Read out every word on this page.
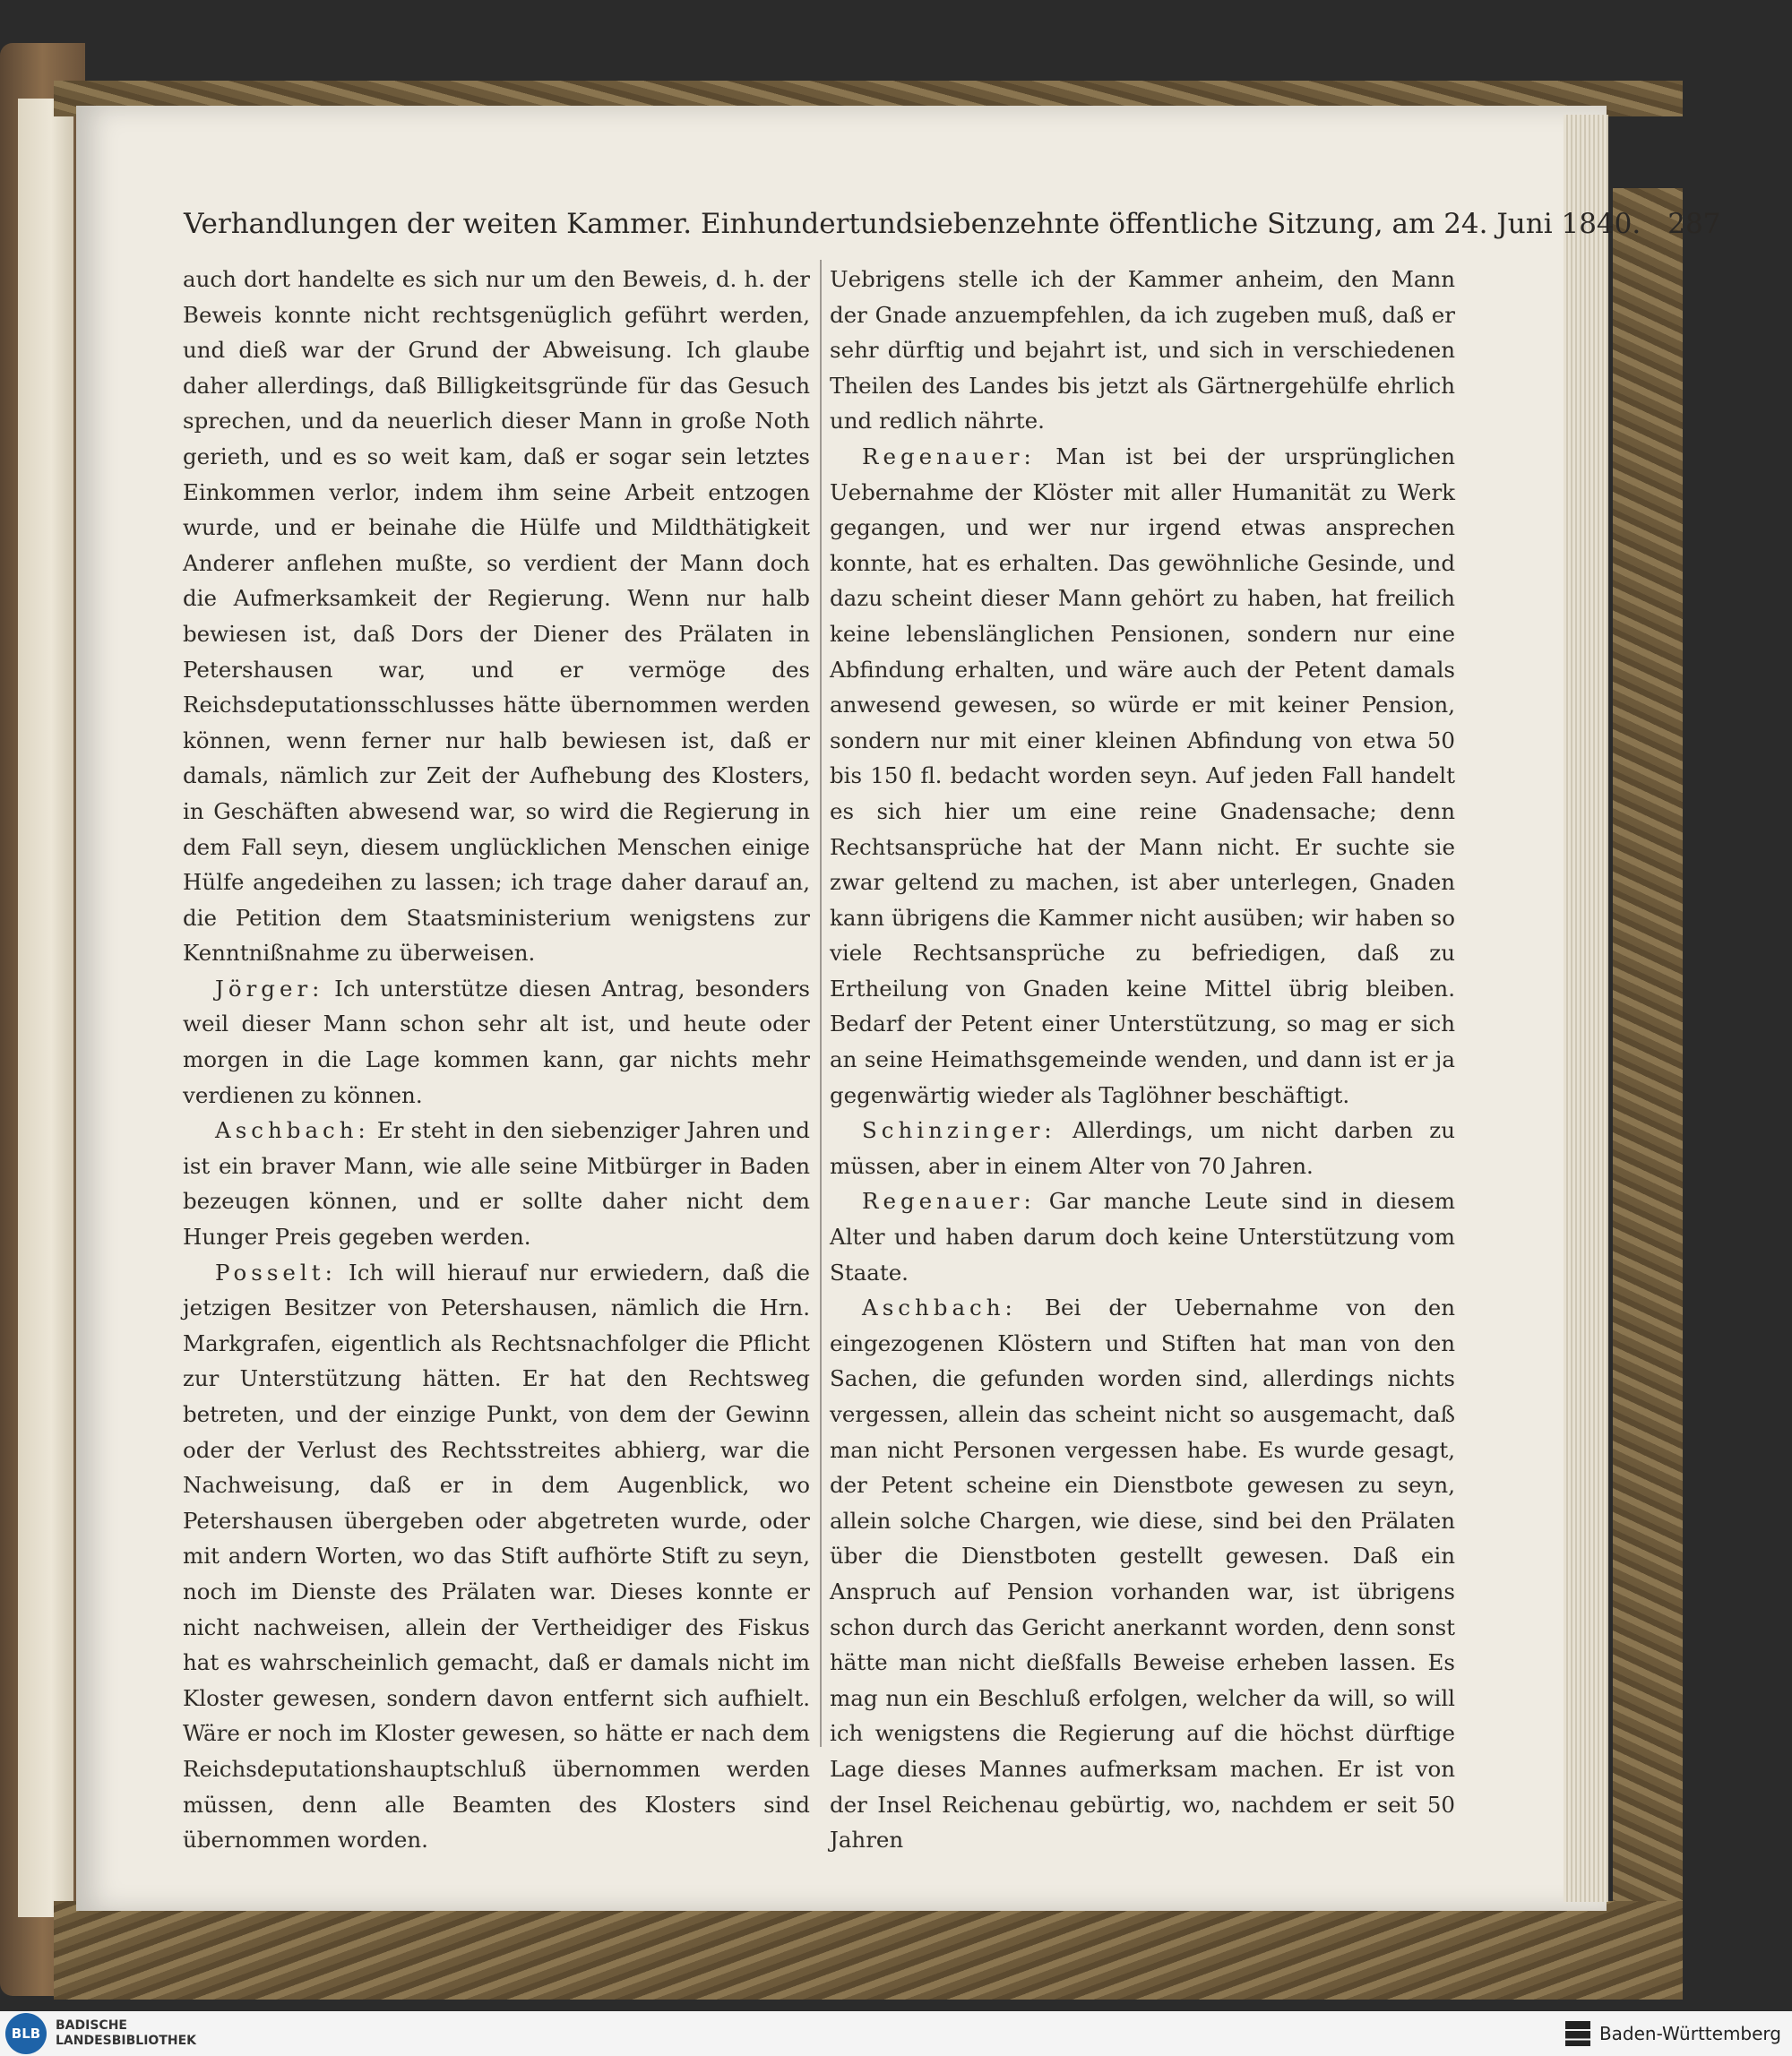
Verhandlungen der weiten Kammer. Einhundertundsiebenzehnte öffentliche Sitzung, am 24. Juni 1840. 287

auch dort handelte es sich nur um den Beweis, d. h. der Beweis konnte nicht rechtsgenüglich geführt werden, und dieß war der Grund der Abweisung. Ich glaube daher allerdings, daß Billigkeitsgründe für das Gesuch sprechen, und da neuerlich dieser Mann in große Noth gerieth, und es so weit kam, daß er sogar sein letztes Einkommen verlor, indem ihm seine Arbeit entzogen wurde, und er beinahe die Hülfe und Mildthätigkeit Anderer anflehen mußte, so verdient der Mann doch die Aufmerksamkeit der Regierung. Wenn nur halb bewiesen ist, daß Dors der Diener des Prälaten in Petershausen war, und er vermöge des Reichsdeputationsschlusses hätte übernommen werden können, wenn ferner nur halb bewiesen ist, daß er damals, nämlich zur Zeit der Aufhebung des Klosters, in Geschäften abwesend war, so wird die Regierung in dem Fall seyn, diesem unglücklichen Menschen einige Hülfe angedeihen zu lassen; ich trage daher darauf an, die Petition dem Staatsministerium wenigstens zur Kenntnißnahme zu überweisen.

Jörger: Ich unterstütze diesen Antrag, besonders weil dieser Mann schon sehr alt ist, und heute oder morgen in die Lage kommen kann, gar nichts mehr verdienen zu können.

Aschbach: Er steht in den siebenziger Jahren und ist ein braver Mann, wie alle seine Mitbürger in Baden bezeugen können, und er sollte daher nicht dem Hunger Preis gegeben werden.

Posselt: Ich will hierauf nur erwiedern, daß die jetzigen Besitzer von Petershausen, nämlich die Hrn. Markgrafen, eigentlich als Rechtsnachfolger die Pflicht zur Unterstützung hätten. Er hat den Rechtsweg betreten, und der einzige Punkt, von dem der Gewinn oder der Verlust des Rechtsstreites abhierg, war die Nachweisung, daß er in dem Augenblick, wo Petershausen übergeben oder abgetreten wurde, oder mit andern Worten, wo das Stift aufhörte Stift zu seyn, noch im Dienste des Prälaten war. Dieses konnte er nicht nachweisen, allein der Vertheidiger des Fiskus hat es wahrscheinlich gemacht, daß er damals nicht im Kloster gewesen, sondern davon entfernt sich aufhielt. Wäre er noch im Kloster gewesen, so hätte er nach dem Reichsdeputationshauptschluß übernommen werden müssen, denn alle Beamten des Klosters sind übernommen worden.

Uebrigens stelle ich der Kammer anheim, den Mann der Gnade anzuempfehlen, da ich zugeben muß, daß er sehr dürftig und bejahrt ist, und sich in verschiedenen Theilen des Landes bis jetzt als Gärtnergehülfe ehrlich und redlich nährte.

Regenauer: Man ist bei der ursprünglichen Uebernahme der Klöster mit aller Humanität zu Werk gegangen, und wer nur irgend etwas ansprechen konnte, hat es erhalten. Das gewöhnliche Gesinde, und dazu scheint dieser Mann gehört zu haben, hat freilich keine lebenslänglichen Pensionen, sondern nur eine Abfindung erhalten, und wäre auch der Petent damals anwesend gewesen, so würde er mit keiner Pension, sondern nur mit einer kleinen Abfindung von etwa 50 bis 150 fl. bedacht worden seyn. Auf jeden Fall handelt es sich hier um eine reine Gnadensache; denn Rechtsansprüche hat der Mann nicht. Er suchte sie zwar geltend zu machen, ist aber unterlegen, Gnaden kann übrigens die Kammer nicht ausüben; wir haben so viele Rechtsansprüche zu befriedigen, daß zu Ertheilung von Gnaden keine Mittel übrig bleiben. Bedarf der Petent einer Unterstützung, so mag er sich an seine Heimathsgemeinde wenden, und dann ist er ja gegenwärtig wieder als Taglöhner beschäftigt.

Schinzinger: Allerdings, um nicht darben zu müssen, aber in einem Alter von 70 Jahren.

Regenauer: Gar manche Leute sind in diesem Alter und haben darum doch keine Unterstützung vom Staate.

Aschbach: Bei der Uebernahme von den eingezogenen Klöstern und Stiften hat man von den Sachen, die gefunden worden sind, allerdings nichts vergessen, allein das scheint nicht so ausgemacht, daß man nicht Personen vergessen habe. Es wurde gesagt, der Petent scheine ein Dienstbote gewesen zu seyn, allein solche Chargen, wie diese, sind bei den Prälaten über die Dienstboten gestellt gewesen. Daß ein Anspruch auf Pension vorhanden war, ist übrigens schon durch das Gericht anerkannt worden, denn sonst hätte man nicht dießfalls Beweise erheben lassen. Es mag nun ein Beschluß erfolgen, welcher da will, so will ich wenigstens die Regierung auf die höchst dürftige Lage dieses Mannes aufmerksam machen. Er ist von der Insel Reichenau gebürtig, wo, nachdem er seit 50 Jahren

BLB	BADISCHE
LANDESBIBLIOTHEK	Baden-Württemberg
